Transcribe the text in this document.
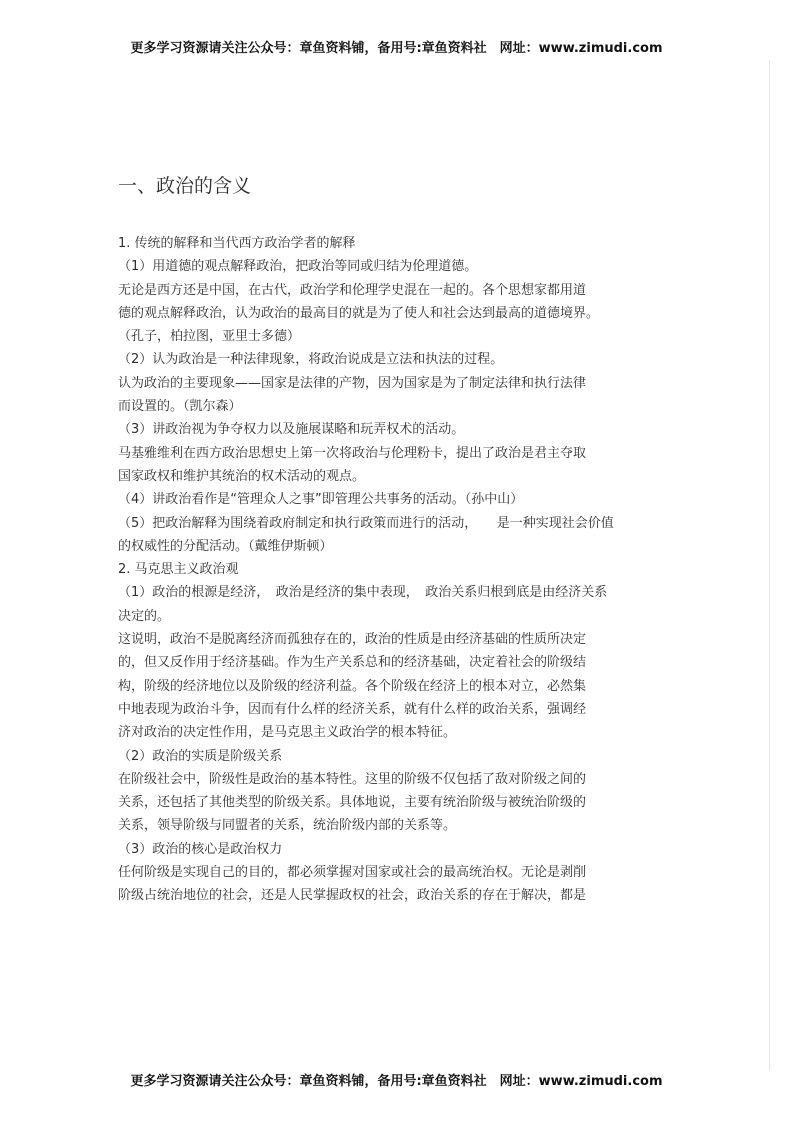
更多学习资源请关注公众号：章鱼资料铺，备用号:章鱼资料社　网址：www.zimudi.com
一、政治的含义
1. 传统的解释和当代西方政治学者的解释
（1）用道德的观点解释政治，把政治等同或归结为伦理道德。
无论是西方还是中国，在古代，政治学和伦理学史混在一起的。各个思想家都用道
德的观点解释政治，认为政治的最高目的就是为了使人和社会达到最高的道德境界。
（孔子，柏拉图，亚里士多德）
（2）认为政治是一种法律现象，将政治说成是立法和执法的过程。
认为政治的主要现象——国家是法律的产物，因为国家是为了制定法律和执行法律
而设置的。（凯尔森）
（3）讲政治视为争夺权力以及施展谋略和玩弄权术的活动。
马基雅维利在西方政治思想史上第一次将政治与伦理粉卡，提出了政治是君主夺取
国家政权和维护其统治的权术活动的观点。
（4）讲政治看作是“管理众人之事”即管理公共事务的活动。（孙中山）
（5）把政治解释为围绕着政府制定和执行政策而进行的活动，　　是一种实现社会价值
的权威性的分配活动。（戴维伊斯顿）
2. 马克思主义政治观
（1）政治的根源是经济，　政治是经济的集中表现，　政治关系归根到底是由经济关系
决定的。
这说明，政治不是脱离经济而孤独存在的，政治的性质是由经济基础的性质所决定
的，但又反作用于经济基础。作为生产关系总和的经济基础，决定着社会的阶级结
构，阶级的经济地位以及阶级的经济利益。各个阶级在经济上的根本对立，必然集
中地表现为政治斗争，因而有什么样的经济关系，就有什么样的政治关系，强调经
济对政治的决定性作用，是马克思主义政治学的根本特征。
（2）政治的实质是阶级关系
在阶级社会中，阶级性是政治的基本特性。这里的阶级不仅包括了敌对阶级之间的
关系，还包括了其他类型的阶级关系。具体地说，主要有统治阶级与被统治阶级的
关系，领导阶级与同盟者的关系，统治阶级内部的关系等。
（3）政治的核心是政治权力
任何阶级是实现自己的目的，都必须掌握对国家或社会的最高统治权。无论是剥削
阶级占统治地位的社会，还是人民掌握政权的社会，政治关系的存在于解决，都是
更多学习资源请关注公众号：章鱼资料铺，备用号:章鱼资料社　网址：www.zimudi.com
